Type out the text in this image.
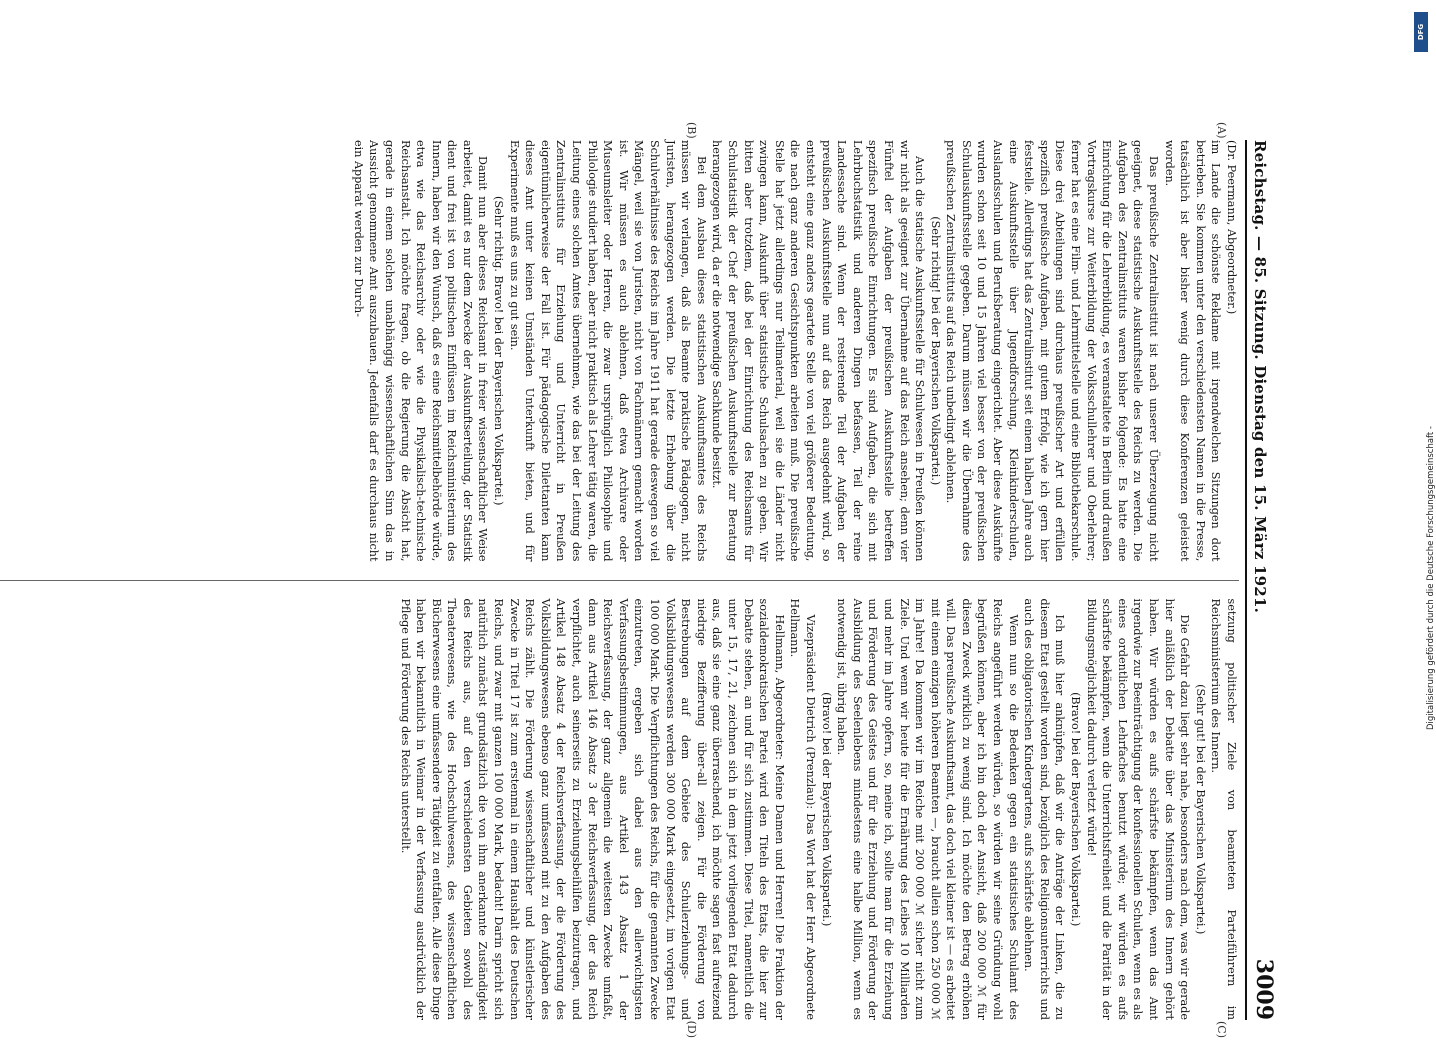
Reichstag. — 85. Sitzung. Dienstag den 15. März 1921.
3009
(A)
(B)

(Dr. Peermann, Abgeordneter.)

im Lande die schönste Reklame mit irgendwelchen Sitzungen dort betrieben. Sie kommen unter den verschiedensten Namen in die Presse, tatsächlich ist aber bisher wenig durch diese Konferenzen geleistet worden.

Das preußische Zentralinstitut ist nach unserer Überzeugung nicht geeignet, diese statistische Auskunftsstelle des Reichs zu werden. Die Aufgaben des Zentralinstituts waren bisher folgende: Es hatte eine Einrichtung für die Lehrerbildung, es veranstaltete in Berlin und draußen Vortragskurse zur Weiterbildung der Volksschullehrer und Oberlehrer; ferner hat es eine Film- und Lehrmittelstelle und eine Bibliothekarschule. Diese drei Abteilungen sind durchaus preußischer Art und erfüllen spezifisch preußische Aufgaben, mit gutem Erfolg, wie ich gern hier feststelle. Allerdings hat das Zentralinstitut seit einem halben Jahre auch eine Auskunftsstelle über Jugendforschung, Kleinkinderschulen, Auslandsschulen und Berufsberatung eingerichtet. Aber diese Auskünfte wurden schon seit 10 und 15 Jahren viel besser von der preußischen Schulauskunftsstelle gegeben. Darum müssen wir die Übernahme des preußischen Zentralinstituts auf das Reich unbedingt ablehnen.

(Sehr richtig! bei der Bayerischen Volkspartei.)

Auch die statische Auskunftsstelle für Schulwesen in Preußen können wir nicht als geeignet zur Übernahme auf das Reich ansehen; denn vier Fünftel der Aufgaben der preußischen Auskunftsstelle betreffen spezifisch preußische Einrichtungen. Es sind Aufgaben, die sich mit Lehrbuchstatistik und anderen Dingen befassen, Teil der reine Landessache sind. Wenn der restierende Teil der Aufgaben der preußischen Auskunftsstelle nun auf das Reich ausgedehnt wird, so entsteht eine ganz anders geartete Stelle von viel größerer Bedeutung, die nach ganz anderen Gesichtspunkten arbeiten muß. Die preußische Stelle hat jetzt allerdings nur Teilmaterial, weil sie die Länder nicht zwingen kann, Auskunft über statistische Schulsachen zu geben. Wir bitten aber trotzdem, daß bei der Einrichtung des Reichsamts für Schulstatistik der Chef der preußischen Auskunftsstelle zur Beratung herangezogen wird, da er die notwendige Sachkunde besitzt.

Bei dem Ausbau dieses statistischen Auskunftsamtes des Reichs müssen wir verlangen, daß als Beamte praktische Pädagogen, nicht Juristen, herangezogen werden. Die letzte Erhebung über die Schulverhältnisse des Reichs im Jahre 1911 hat gerade deswegen so viel Mängel, weil sie von Juristen, nicht von Fachmännern gemacht worden ist. Wir müssen es auch ablehnen, daß etwa Archivare oder Museumsleiter oder Herren, die zwar ursprünglich Philosophie und Philologie studiert haben, aber nicht praktisch als Lehrer tätig waren, die Leitung eines solchen Amtes übernehmen, wie das bei der Leitung des Zentralinstituts für Erziehung und Unterricht in Preußen eigentümlicherweise der Fall ist. Für pädagogische Dilettanten kann dieses Amt unter keinen Umständen Unterkunft bieten, und für Experimente muß es uns zu gut sein.

(Sehr richtig. Bravo! bei der Bayerischen Volkspartei.)

Damit nun aber dieses Reichsamt in freier wissenschaftlicher Weise arbeitet, damit es nur dem Zwecke der Auskunftserteilung, der Statistik dient und frei ist von politischen Einflüssen im Reichsministerium des Innern, haben wir den Wunsch, daß es eine Reichsmittelbehörde würde, etwa wie das Reichsarchiv oder wie die Physikalisch-technische Reichsanstalt. Ich möchte fragen, ob die Regierung die Absicht hat, gerade in einem solchen unabhängig wissenschaftlichen Sinn das in Aussicht genommene Amt auszubauen. Jedenfalls darf es durchaus nicht ein Apparat werden zur Durch-

(C)
(D)

setzung politischer Ziele von beamteten Parteiführern im Reichsministerium des Innern.

(Sehr gut! bei der Bayerischen Volkspartei.)

Die Gefahr dazu liegt sehr nahe, besonders nach dem, was wir gerade hier anläßlich der Debatte über das Ministerium des Innern gehört haben. Wir würden es aufs schärfste bekämpfen, wenn das Amt irgendwie zur Beeinträchtigung der konfessionellen Schulen, wenn es als eines ordentlichen Lehrfaches benutzt würde; wir würden es aufs schärfste bekämpfen, wenn die Unterrichtsfreiheit und die Parität in der Bildungsmöglichkeit dadurch verletzt würde!

(Bravo! bei der Bayerischen Volkspartei.)

Ich muß hier anknüpfen, daß wir die Anträge der Linken, die zu diesem Etat gestellt worden sind, bezüglich des Religionsunterrichts und auch des obligatorischen Kindergartens, aufs schärfste ablehnen.

Wenn nun so die Bedenken gegen ein statistisches Schulamt des Reichs angeführt werden würden, so würden wir seine Gründung wohl begrüßen können, aber ich bin doch der Ansicht, daß 200 000 ℳ für diesen Zweck wirklich zu wenig sind. Ich möchte den Betrag erhöhen will. Das preußische Auskunftsamt, das doch viel kleiner ist — es arbeitet mit einem einzigen höheren Beamten —, braucht allein schon 250 000 ℳ im Jahre! Da kommen wir im Reiche mit 200 000 ℳ sicher nicht zum Ziele. Und wenn wir heute für die Ernährung des Leibes 10 Milliarden und mehr im Jahre opfern, so, meine ich, sollte man für die Erziehung und Förderung des Geistes und für die Erziehung und Förderung der Ausbildung des Seelenlebens mindestens eine halbe Million, wenn es notwendig ist, übrig haben.

(Bravo! bei der Bayerischen Volkspartei.)

Vizepräsident Dietrich (Prenzlau): Das Wort hat der Herr Abgeordnete Hellmann.

Hellmann, Abgeordneter: Meine Damen und Herren! Die Fraktion der sozialdemokratischen Partei wird den Titeln des Etats, die hier zur Debatte stehen, an und für sich zustimmen. Diese Titel, namentlich die unter 15, 17, 21, zeichnen sich in dem jetzt vorliegenden Etat dadurch aus, daß sie eine ganz überraschend, ich möchte sagen fast aufreizend niedrige Bezifferung über-all zeigen. Für die Förderung von Bestrebungen auf dem Gebiete des Schulerziehungs- und Volksbildungswesens werden 300 000 Mark eingesetzt, im vorigen Etat 100 000 Mark. Die Verpflichtungen des Reichs, für die genannten Zwecke einzutreten, ergeben sich dabei aus den allerwichtigsten Verfassungsbestimmungen, aus Artikel 143 Absatz 1 der Reichsverfassung, der ganz allgemein die weitesten Zwecke umfaßt, dann aus Artikel 146 Absatz 3 der Reichsverfassung, der das Reich verpflichtet, auch seinerseits zu Erziehungsbeihilfen beizutragen, und Artikel 148 Absatz 4 der Reichsverfassung, der die Förderung des Volksbildungswesens ebenso ganz umfassend mit zu den Aufgaben des Reichs zählt. Die Förderung wissenschaftlicher und künstlerischer Zwecke in Titel 17 ist zum erstenmal in einem Haushalt des Deutschen Reichs, und zwar mit ganzen 100 000 Mark, bedacht! Darin spricht sich natürlich zunächst grundsätzlich die von ihm anerkannte Zuständigkeit des Reichs aus, auf den verschiedensten Gebieten sowohl des Theaterwesens, wie des Hochschulwesens, des wissenschaftlichen Bücherwesens eine umfassendere Tätigkeit zu entfalten. Alle diese Dinge haben wir bekanntlich in Weimar in der Verfassung ausdrücklich der Pflege und Förderung des Reichs unterstellt.

DFG
Digitalisierung gefördert durch die Deutsche Forschungsgemeinschaft -
